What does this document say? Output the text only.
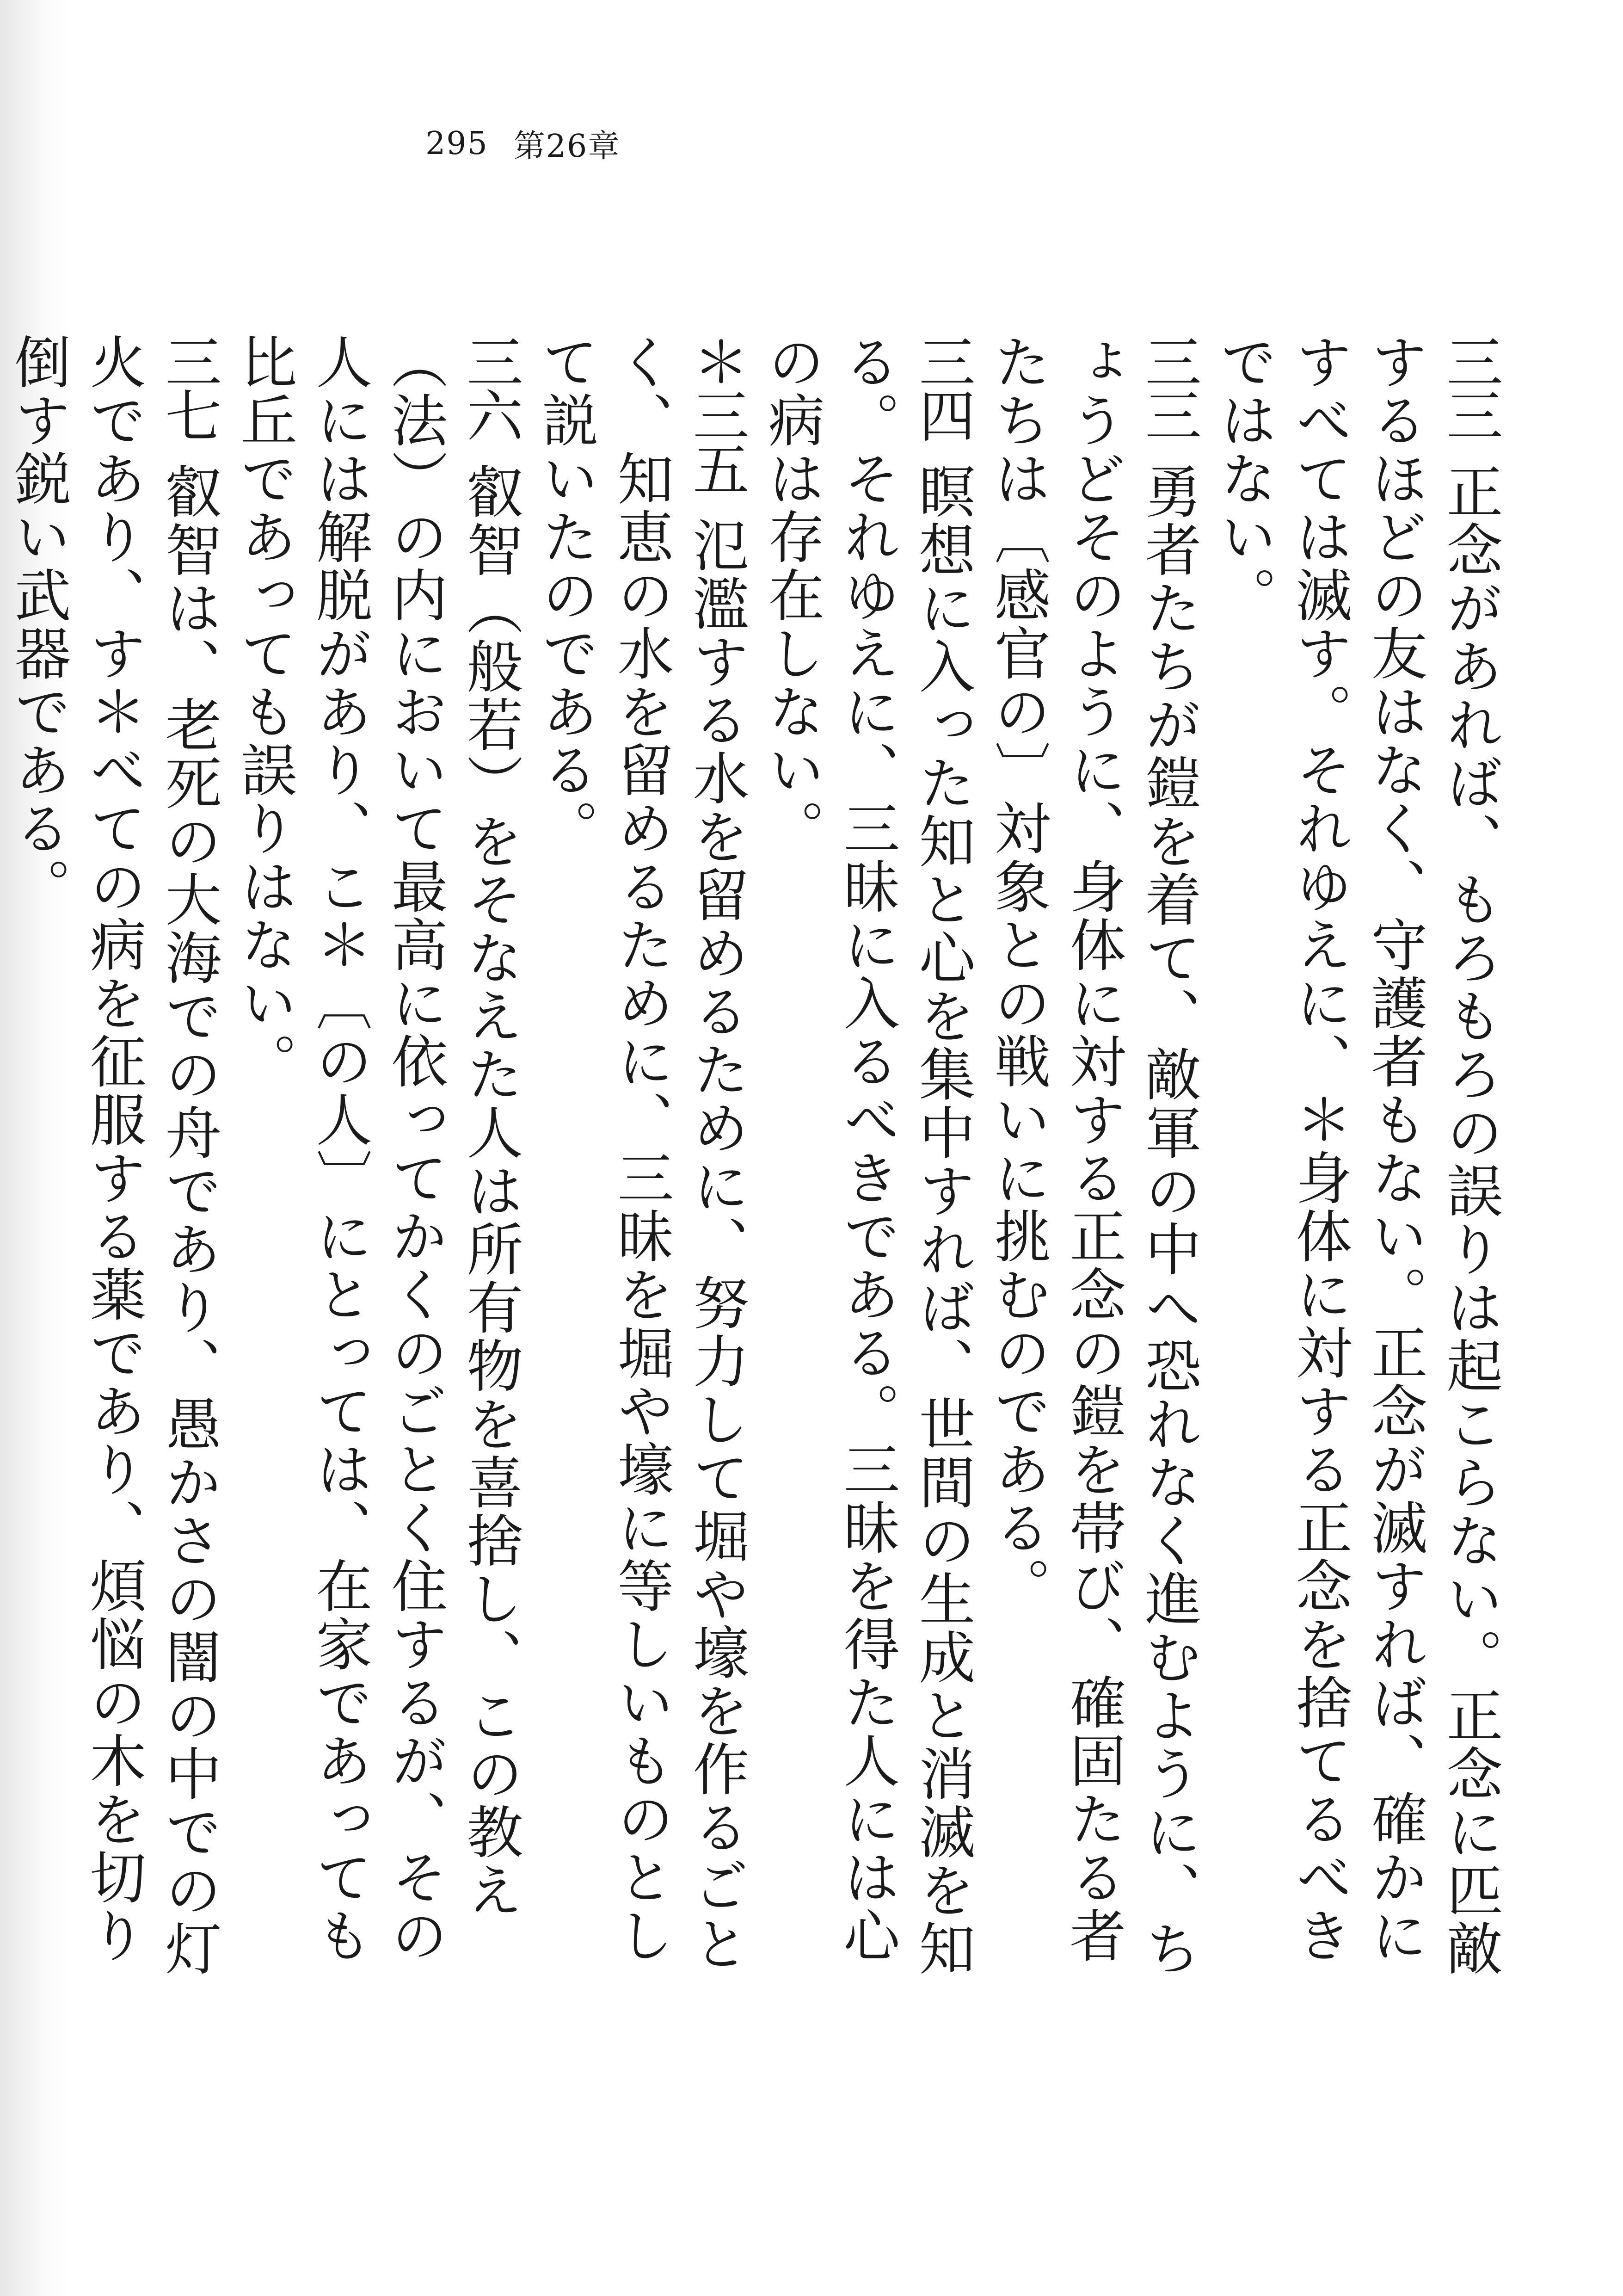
295 第26章
三三正念があれば、もろもろの誤りは起こらない。正念に匹敵するほどの友はなく、守護者もない。正念が滅すれば、確かにすべては滅す。それゆえに、＊身体に対する正念を捨てるべきではない。
三三勇者たちが鎧を着て、敵軍の中へ恐れなく進むように、ちょうどそのように、身体に対する正念の鎧を帯び、確固たる者たちは〔感官の〕対象との戦いに挑むのである。
三四瞑想に入った知と心を集中すれば、世間の生成と消滅を知る。それゆえに、三昧に入るべきである。三昧を得た人には心の病は存在しない。
＊三五氾濫する水を留めるために、努力して堀や壕を作るごとく、知恵の水を留めるために、三昧を堀や壕に等しいものとして説いたのである。
三六叡智（般若）をそなえた人は所有物を喜捨し、この教え（法）の内において最高に依ってかくのごとく住するが、その人には解脱があり、こ＊〔の人〕にとっては、在家であっても比丘であっても誤りはない。
三七叡智は、老死の大海での舟であり、愚かさの闇の中での灯火であり、す＊べての病を征服する薬であり、煩悩の木を切り倒す鋭い武器である。
